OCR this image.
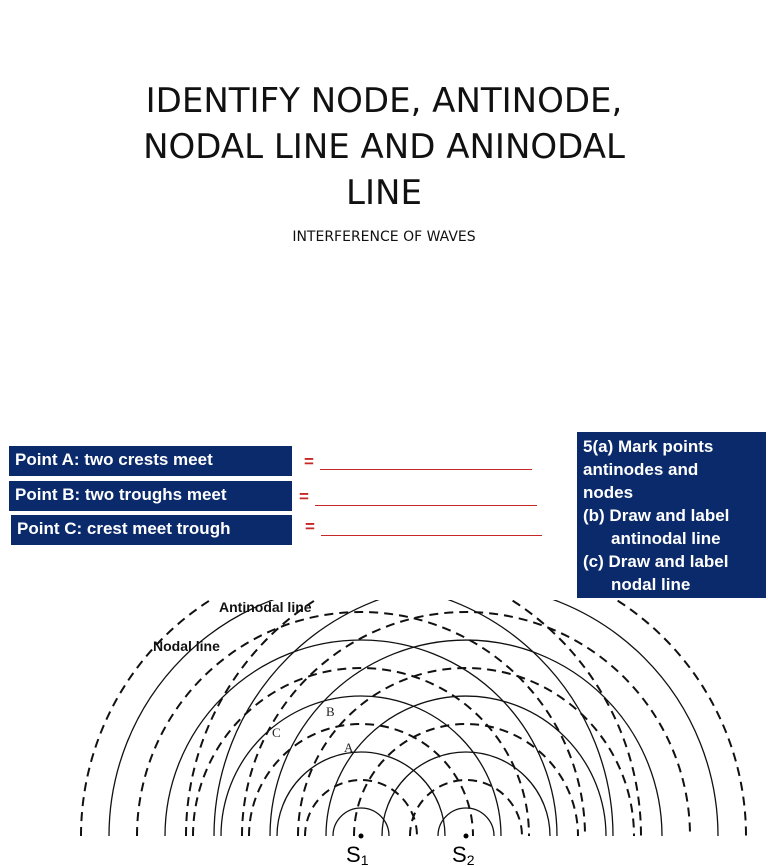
IDENTIFY NODE, ANTINODE,
NODAL LINE AND ANINODAL
LINE
INTERFERENCE OF WAVES
Point A: two crests meet	=
Point B: two troughs meet	=
Point C: crest meet trough	=
5(a) Mark points
antinodes and
nodes
(b) Draw and label
antinodal line
(c) Draw and label
nodal line
Antinodal line
Nodal line
S1	S2
A
B
C
